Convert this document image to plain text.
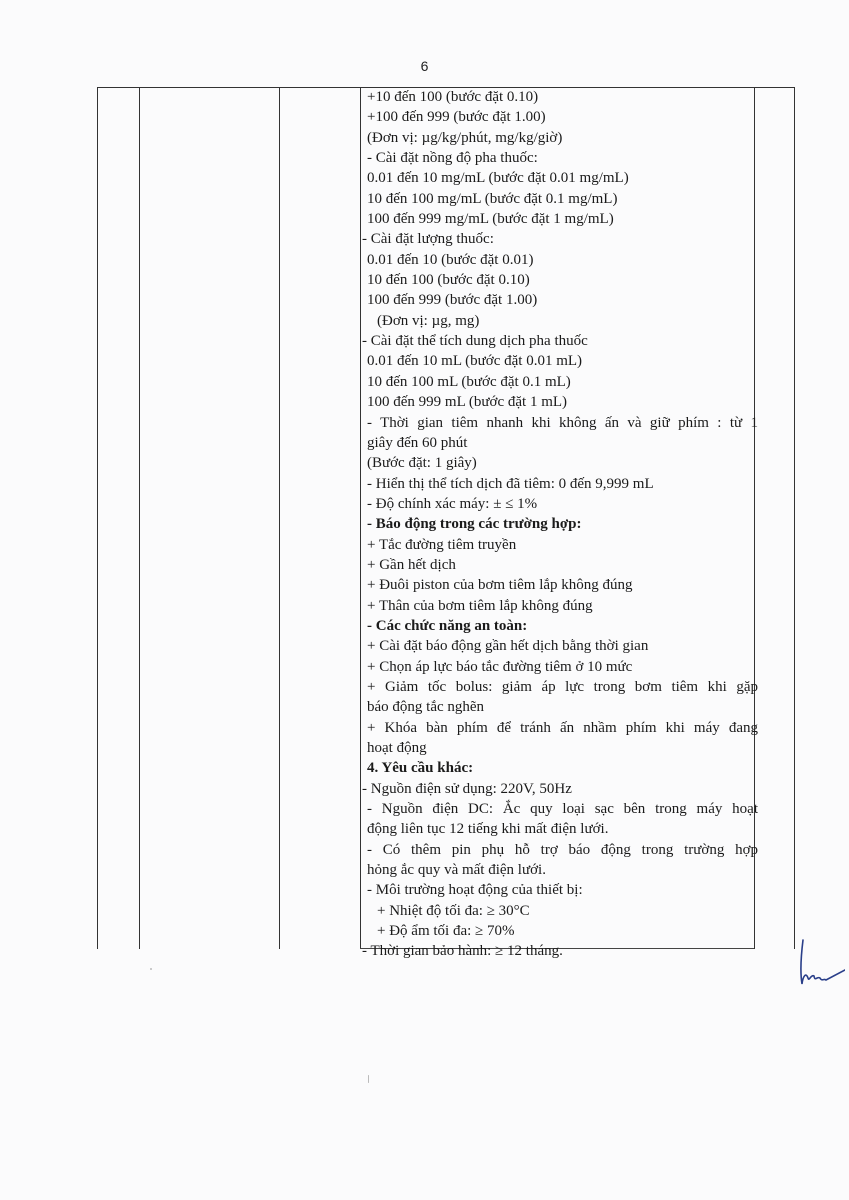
6
+10 đến 100 (bước đặt 0.10)
+100 đến 999 (bước đặt 1.00)
(Đơn vị: µg/kg/phút, mg/kg/giờ)
- Cài đặt nồng độ pha thuốc:
0.01 đến 10 mg/mL (bước đặt 0.01 mg/mL)
10 đến 100 mg/mL (bước đặt 0.1 mg/mL)
100 đến 999 mg/mL (bước đặt 1 mg/mL)
- Cài đặt lượng thuốc:
0.01 đến 10 (bước đặt 0.01)
10 đến 100 (bước đặt 0.10)
100 đến 999 (bước đặt 1.00)
(Đơn vị: µg, mg)
- Cài đặt thể tích dung dịch pha thuốc
0.01 đến 10 mL (bước đặt 0.01 mL)
10 đến 100 mL (bước đặt 0.1 mL)
100 đến 999 mL (bước đặt 1 mL)
- Thời gian tiêm nhanh khi không ấn và giữ phím : từ 1
giây đến 60 phút
(Bước đặt: 1 giây)
- Hiển thị thể tích dịch đã tiêm: 0 đến 9,999 mL
- Độ chính xác máy: ± ≤ 1%
- Báo động trong các trường hợp:
+ Tắc đường tiêm truyền
+ Gần hết dịch
+ Đuôi piston của bơm tiêm lắp không đúng
+ Thân của bơm tiêm lắp không đúng
- Các chức năng an toàn:
+ Cài đặt báo động gần hết dịch bằng thời gian
+ Chọn áp lực báo tắc đường tiêm ở 10 mức
+ Giảm tốc bolus: giảm áp lực trong bơm tiêm khi gặp
báo động tắc nghẽn
+ Khóa bàn phím để tránh ấn nhầm phím khi máy đang
hoạt động
4. Yêu cầu khác:
- Nguồn điện sử dụng: 220V, 50Hz
- Nguồn điện DC: Ắc quy loại sạc bên trong máy hoạt
động liên tục 12 tiếng khi mất điện lưới.
- Có thêm pin phụ hỗ trợ báo động trong trường hợp
hỏng ắc quy và mất điện lưới.
- Môi trường hoạt động của thiết bị:
+ Nhiệt độ tối đa: ≥ 30°C
+ Độ ẩm tối đa: ≥ 70%
- Thời gian bảo hành: ≥ 12 tháng.
